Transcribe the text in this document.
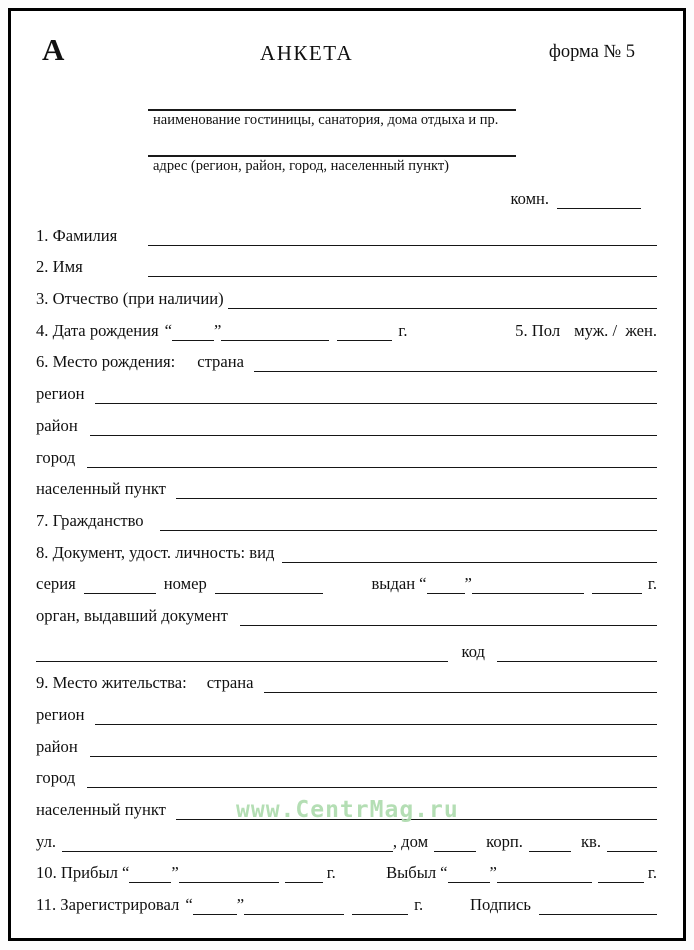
А	АНКЕТА	форма № 5
наименование гостиницы, санатория, дома отдыха и пр.
адрес (регион, район, город, населенный пункт)
комн.
1. Фамилия
2. Имя
3. Отчество (при наличии)
4. Дата рождения “	”	г.	5. Пол муж. /  жен.
6. Место рождения: страна
регион
район
город
населенный пункт
7. Гражданство
8. Документ, удост. личность: вид
серия	номер	выдан “ ”	г.
орган, выдавший документ
код
9. Место жительства: страна
регион
район
город
населенный пункт
ул.	, дом	корп.	кв.
10. Прибыл “	”	г.	Выбыл “	”	г.
11. Зарегистрировал “	”	г.	Подпись
www.CentrMag.ru
